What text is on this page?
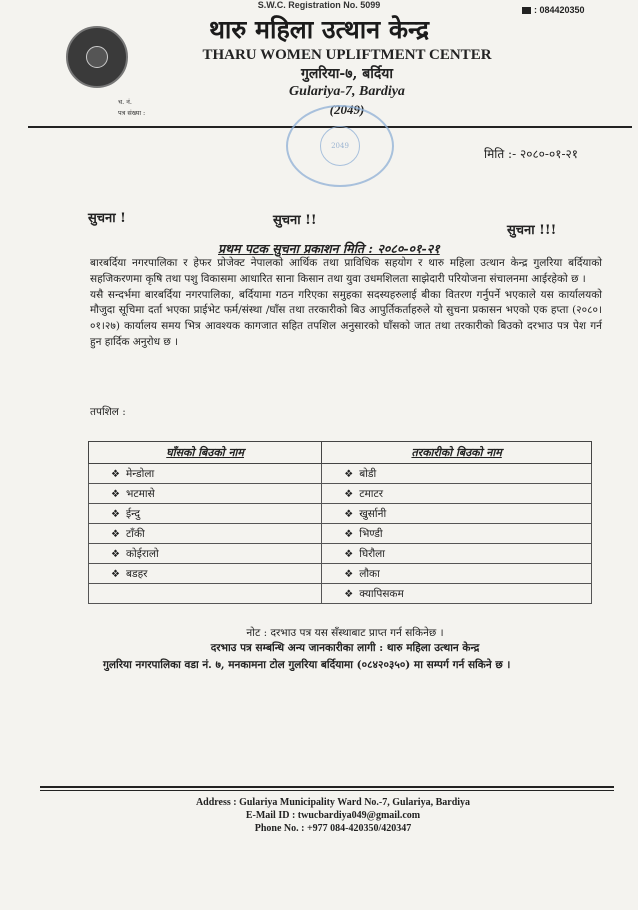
S.W.C. Registration No. 5099	: 084420350
थारु महिला उत्थान केन्द्र
THARU WOMEN UPLIFTMENT CENTER
गुलरिया-७, बर्दिया
Gulariya-7, Bardiya
(2049)
च. नं.
पत्र संख्या :
2049
मिति :- २०८०-०१-२१
सुचना !	सुचना !!
सुचना !!!
प्रथम पटक सुचना प्रकाशन मिति : २०८०-०१-२१

बारबर्दिया नगरपालिका र हेफर प्रोजेक्ट नेपालको आर्थिक तथा प्राविधिक सहयोग र थारु महिला उत्थान केन्द्र गुलरिया बर्दियाको सहजिकरणमा कृषि तथा पशु विकासमा आधारित साना किसान तथा युवा उधमशिलता साझेदारी परियोजना संचालनमा आईरहेको छ ।

यसै सन्दर्भमा बारबर्दिया नगरपालिका, बर्दियामा गठन गरिएका समुहका सदस्यहरुलाई बीका वितरण गर्नुपर्ने भएकाले यस कार्यालयको मौजुदा सूचिमा दर्ता भएका प्राईभेट फर्म/संस्था /घाँस तथा तरकारीको बिउ आपुर्तिकर्ताहरुले यो सुचना प्रकासन भएको एक हप्ता (२०८०।०१।२७) कार्यालय समय भित्र आवश्यक कागजात सहित तपशिल अनुसारको घाँसको जात तथा तरकारीको बिउको दरभाउ पत्र पेश गर्न हुन हार्दिक अनुरोध छ ।

तपशिल :
घाँसको बिउको नाम	तरकारीको बिउको नाम
❖ मेन्डोला	❖ बोडी
❖ भटमासे	❖ टमाटर
❖ ईन्दु	❖ खुर्सानी
❖ टाँकी	❖ भिण्डी
❖ कोईरालो	❖ घिरौला
❖ बडहर	❖ लौका
	❖ क्यापिसकम
नोट : दरभाउ पत्र यस सँस्थाबाट प्राप्त गर्न सकिनेछ ।
दरभाउ पत्र सम्बन्धि अन्य जानकारीका लागी : थारु महिला उत्थान केन्द्र
गुलरिया नगरपालिका वडा नं. ७, मनकामना टोल गुलरिया बर्दियामा (०८४२०३५०) मा सम्पर्ग गर्न सकिने छ ।
Address : Gulariya Municipality Ward No.-7, Gulariya, Bardiya
E-Mail ID : twucbardiya049@gmail.com
Phone No. : +977 084-420350/420347
